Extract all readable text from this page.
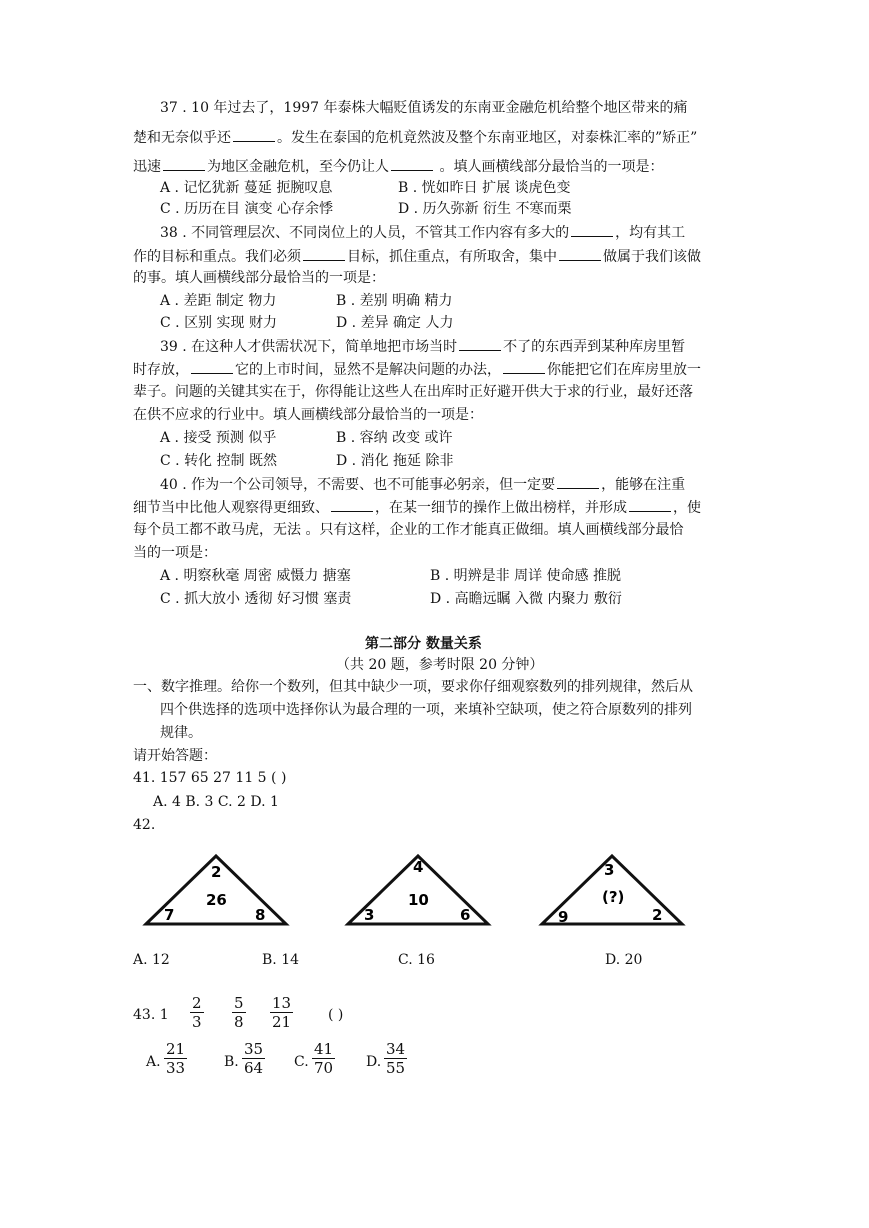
37 . 10 年过去了，1997 年泰株大幅贬值诱发的东南亚金融危机给整个地区带来的痛
楚和无奈似乎还	。发生在泰国的危机竟然波及整个东南亚地区，对泰株汇率的”矫正”
迅速	为地区金融危机，至今仍让人	。填人画横线部分最恰当的一项是：
A . 记忆犹新 蔓延 扼腕叹息	B . 恍如昨日 扩展 谈虎色变
C . 历历在目 演变 心存余悸	D . 历久弥新 衍生 不寒而栗
38 . 不同管理层次、不同岗位上的人员，不管其工作内容有多大的	，均有其工
作的目标和重点。我们必须	目标，抓住重点，有所取舍，集中	做属于我们该做
的事。填人画横线部分最恰当的一项是：
A . 差距 制定 物力	B . 差别 明确 精力
C . 区别 实现 财力	D . 差异 确定 人力
39 . 在这种人才供需状况下，简单地把市场当时	不了的东西弄到某种库房里暂
时存放，	它的上市时间，显然不是解决问题的办法，	你能把它们在库房里放一
辈子。问题的关键其实在于，你得能让这些人在出库时正好避开供大于求的行业，最好还落
在供不应求的行业中。填人画横线部分最恰当的一项是：
A . 接受 预测 似乎	B . 容纳 改变 或许
C . 转化 控制 既然	D . 消化 拖延 除非
40 . 作为一个公司领导，不需要、也不可能事必躬亲，但一定要	，能够在注重
细节当中比他人观察得更细致、	，在某一细节的操作上做出榜样，并形成	，使
每个员工都不敢马虎，无法 。只有这样，企业的工作才能真正做细。填人画横线部分最恰
当的一项是：
A . 明察秋毫 周密 威慑力 搪塞	B . 明辨是非 周详 使命感 推脱
C . 抓大放小 透彻 好习惯 塞责	D . 高瞻远瞩 入微 内聚力 敷衍
第二部分 数量关系
（共 20 题，参考时限 20 分钟）
一、数字推理。给你一个数列，但其中缺少一项，要求你仔细观察数列的排列规律，然后从
四个供选择的选项中选择你认为最合理的一项，来填补空缺项，使之符合原数列的排列
规律。
请开始答题：
41. 157 65 27 11 5 ( )
A. 4 B. 3 C. 2 D. 1
42.
2
26
7	8
4
10
3	6
3
(?)
9	2
A. 12	B. 14	C. 16	D. 20
43. $1 \frac{2}{3} \frac{5}{8} \frac{13}{21}$ ( )
A. $\frac{21}{33}$	B. $\frac{35}{64} C$. $\frac{41}{70} D$. $\frac{34}{55}$
